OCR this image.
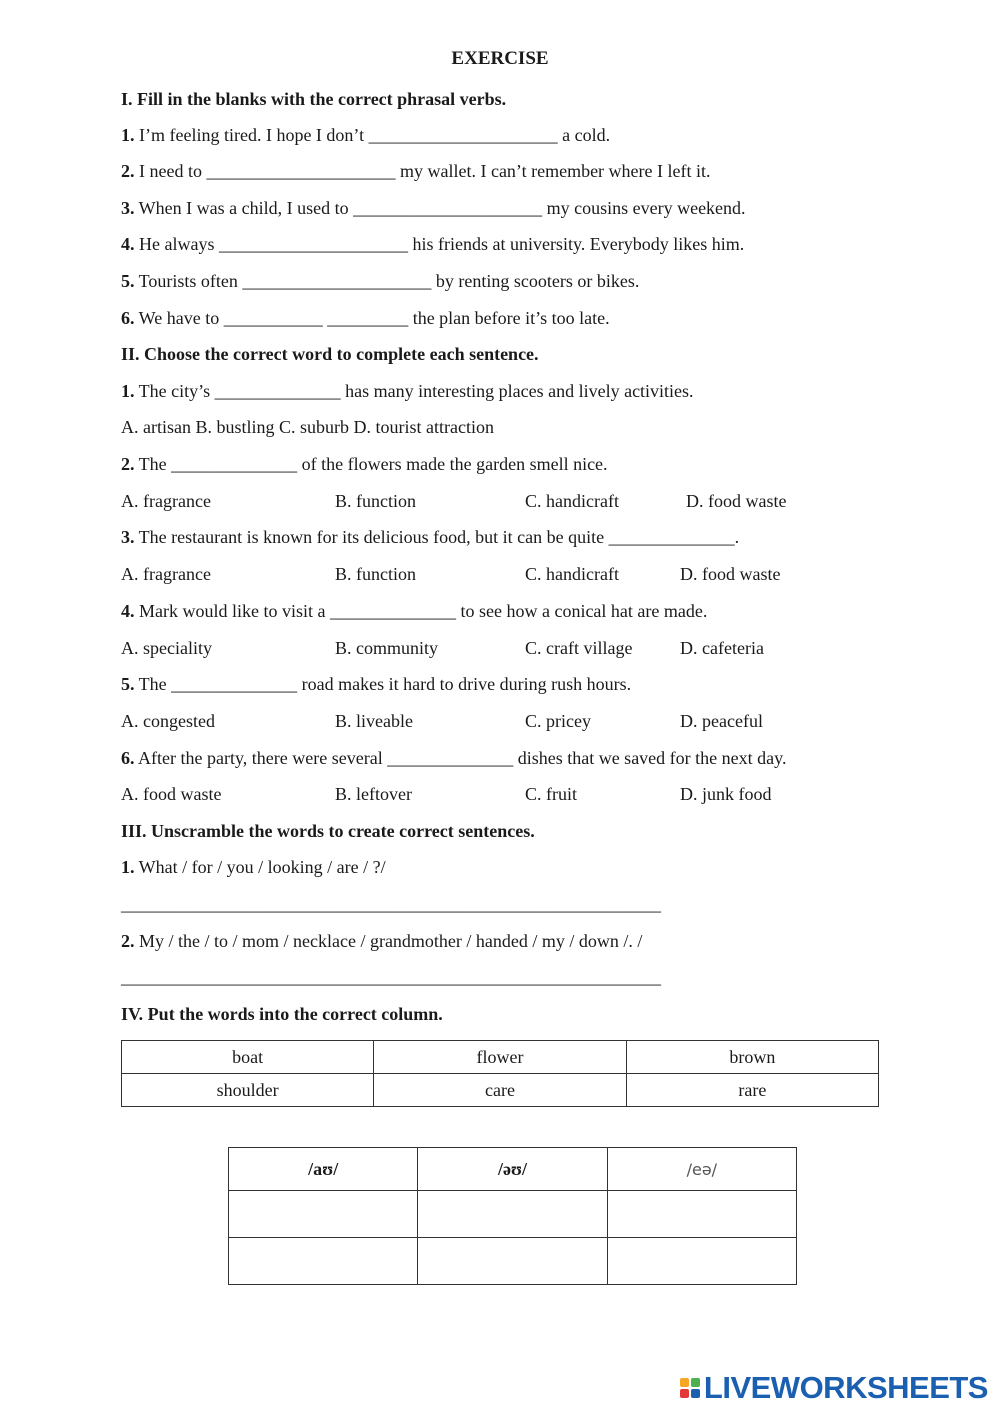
EXERCISE
I. Fill in the blanks with the correct phrasal verbs.
1. I’m feeling tired. I hope I don’t _____________________ a cold.
2. I need to _____________________ my wallet. I can’t remember where I left it.
3. When I was a child, I used to _____________________ my cousins every weekend.
4. He always _____________________ his friends at university. Everybody likes him.
5. Tourists often _____________________ by renting scooters or bikes.
6. We have to ___________ _________ the plan before it’s too late.
II. Choose the correct word to complete each sentence.
1. The city’s ______________ has many interesting places and lively activities.
A. artisan B. bustling C. suburb D. tourist attraction
2. The ______________ of the flowers made the garden smell nice.
A. fragrance	B. function	C. handicraft	D. food waste
3. The restaurant is known for its delicious food, but it can be quite ______________.
A. fragrance	B. function	C. handicraft	D. food waste
4. Mark would like to visit a ______________ to see how a conical hat are made.
A. speciality	B. community	C. craft village	D. cafeteria
5. The ______________ road makes it hard to drive during rush hours.
A. congested	B. liveable	C. pricey	D. peaceful
6. After the party, there were several ______________ dishes that we saved for the next day.
A. food waste	B. leftover	C. fruit	D. junk food
III. Unscramble the words to create correct sentences.
1. What / for / you / looking / are / ?/
____________________________________________________________
2. My / the / to / mom / necklace / grandmother / handed / my / down /. /
____________________________________________________________
IV. Put the words into the correct column.
boat	flower	brown
shoulder	care	rare
/aʊ/	/əʊ/	/eə/

LIVEWORKSHEETS
